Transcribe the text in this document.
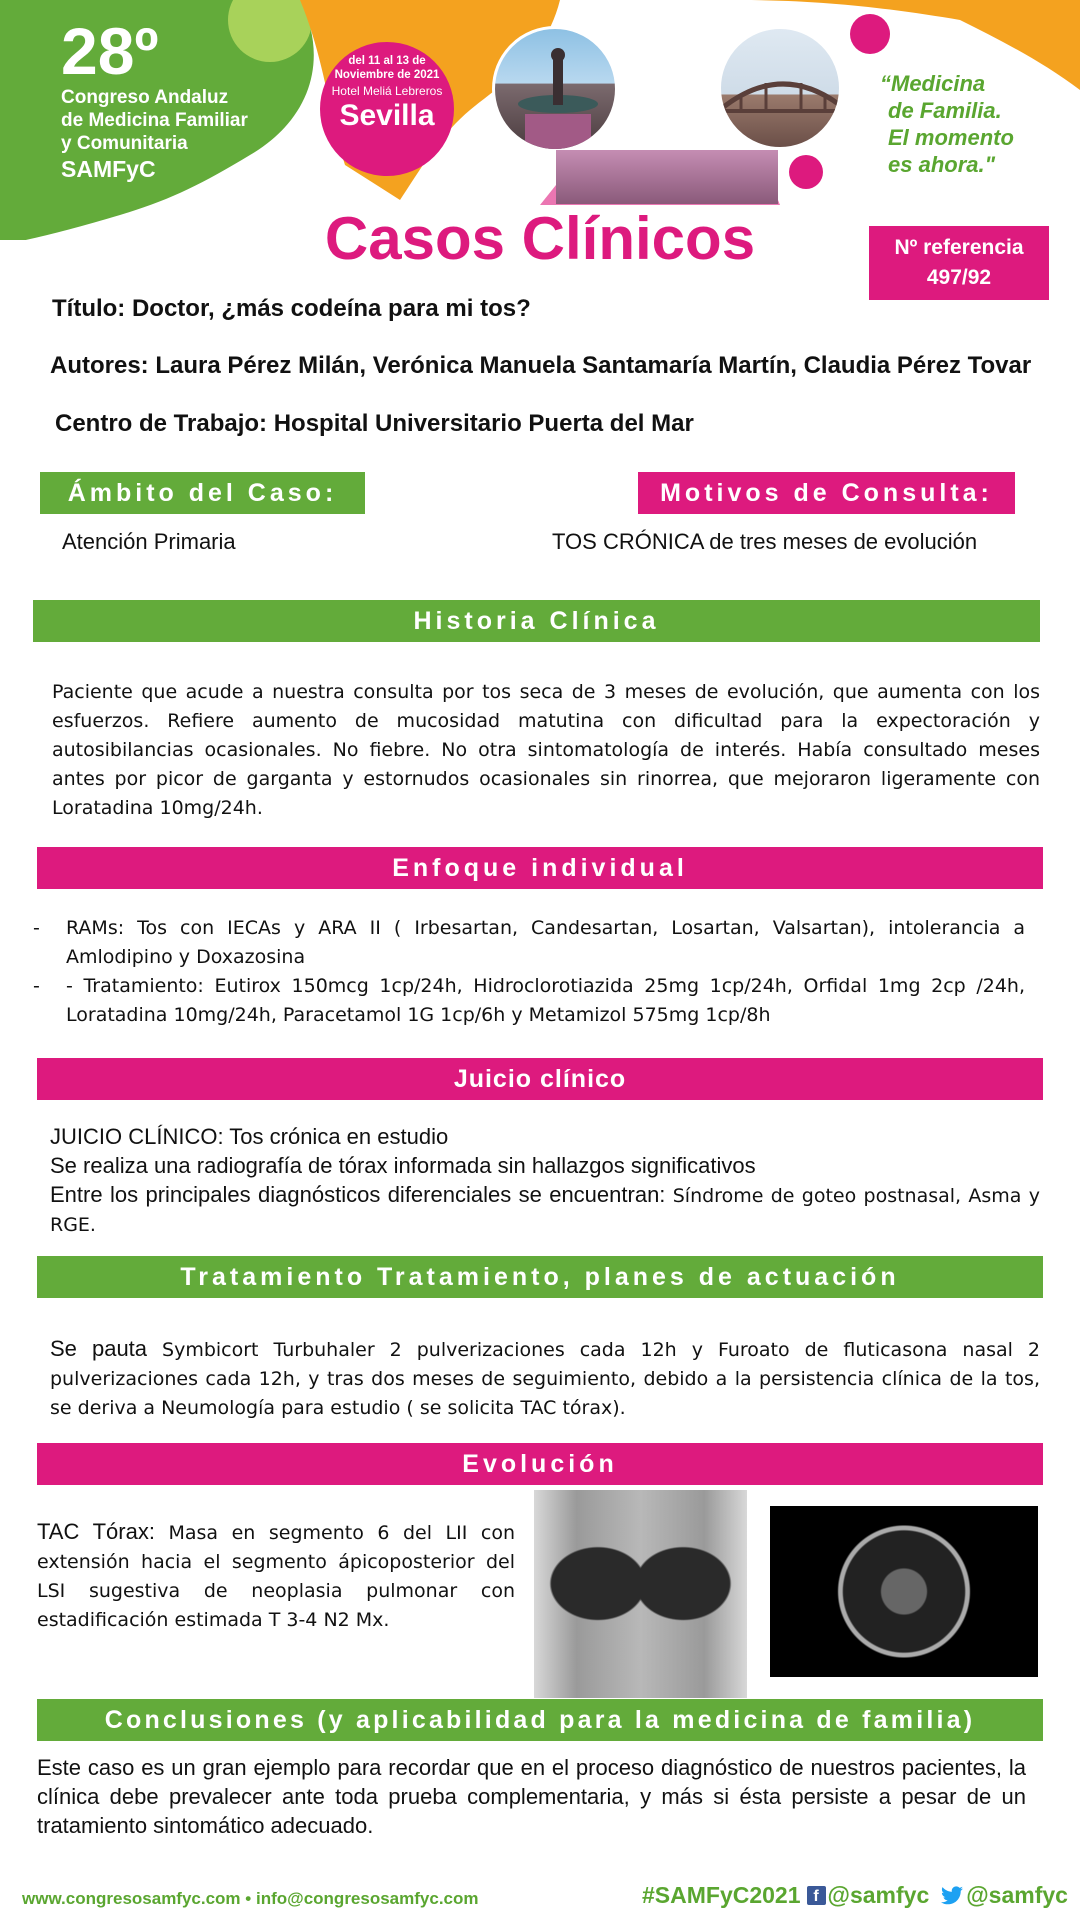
28º
Congreso Andaluz
de Medicina Familiar
y Comunitaria
SAMFyC
del 11 al 13 de
Noviembre de 2021
Hotel Meliá Lebreros
Sevilla
“Medicina
de Familia.
El momento
es ahora."
Casos Clínicos	Nº referencia
497/92
Título: Doctor, ¿más codeína para mi tos?
Autores: Laura Pérez Milán, Verónica Manuela Santamaría Martín, Claudia Pérez Tovar
Centro de Trabajo: Hospital Universitario Puerta del Mar
Ámbito del Caso:
Atención Primaria
Motivos de Consulta:
TOS CRÓNICA de tres meses de evolución
Historia Clínica
Paciente que acude a nuestra consulta por tos seca de 3 meses de evolución, que aumenta con los esfuerzos. Refiere aumento de mucosidad matutina con dificultad para la expectoración y autosibilancias ocasionales. No fiebre. No otra sintomatología de interés. Había consultado meses antes por picor de garganta y estornudos ocasionales sin rinorrea, que mejoraron ligeramente con Loratadina 10mg/24h.
Enfoque individual
- RAMs: Tos con IECAs y ARA II ( Irbesartan, Candesartan, Losartan, Valsartan), intolerancia a Amlodipino y Doxazosina
- - Tratamiento: Eutirox 150mcg 1cp/24h, Hidroclorotiazida 25mg 1cp/24h, Orfidal 1mg 2cp /24h, Loratadina 10mg/24h, Paracetamol 1G 1cp/6h y Metamizol 575mg 1cp/8h
Juicio clínico
JUICIO CLÍNICO: Tos crónica en estudio
Se realiza una radiografía de tórax informada sin hallazgos significativos
Entre los principales diagnósticos diferenciales se encuentran: Síndrome de goteo postnasal, Asma y RGE.
Tratamiento Tratamiento, planes de actuación
Se pauta Symbicort Turbuhaler 2 pulverizaciones cada 12h y Furoato de fluticasona nasal 2 pulverizaciones cada 12h, y tras dos meses de seguimiento, debido a la persistencia clínica de la tos, se deriva a Neumología para estudio ( se solicita TAC tórax).
Evolución
TAC Tórax: Masa en segmento 6 del LII con extensión hacia el segmento ápicoposterior del LSI sugestiva de neoplasia pulmonar con estadificación estimada T 3-4 N2 Mx.
Conclusiones (y aplicabilidad para la medicina de familia)
Este caso es un gran ejemplo para recordar que en el proceso diagnóstico de nuestros pacientes, la clínica debe prevalecer ante toda prueba complementaria, y más si ésta persiste a pesar de un tratamiento sintomático adecuado.
www.congresosamfyc.com • info@congresosamfyc.com	#SAMFyC2021 f @samfyc @samfyc
